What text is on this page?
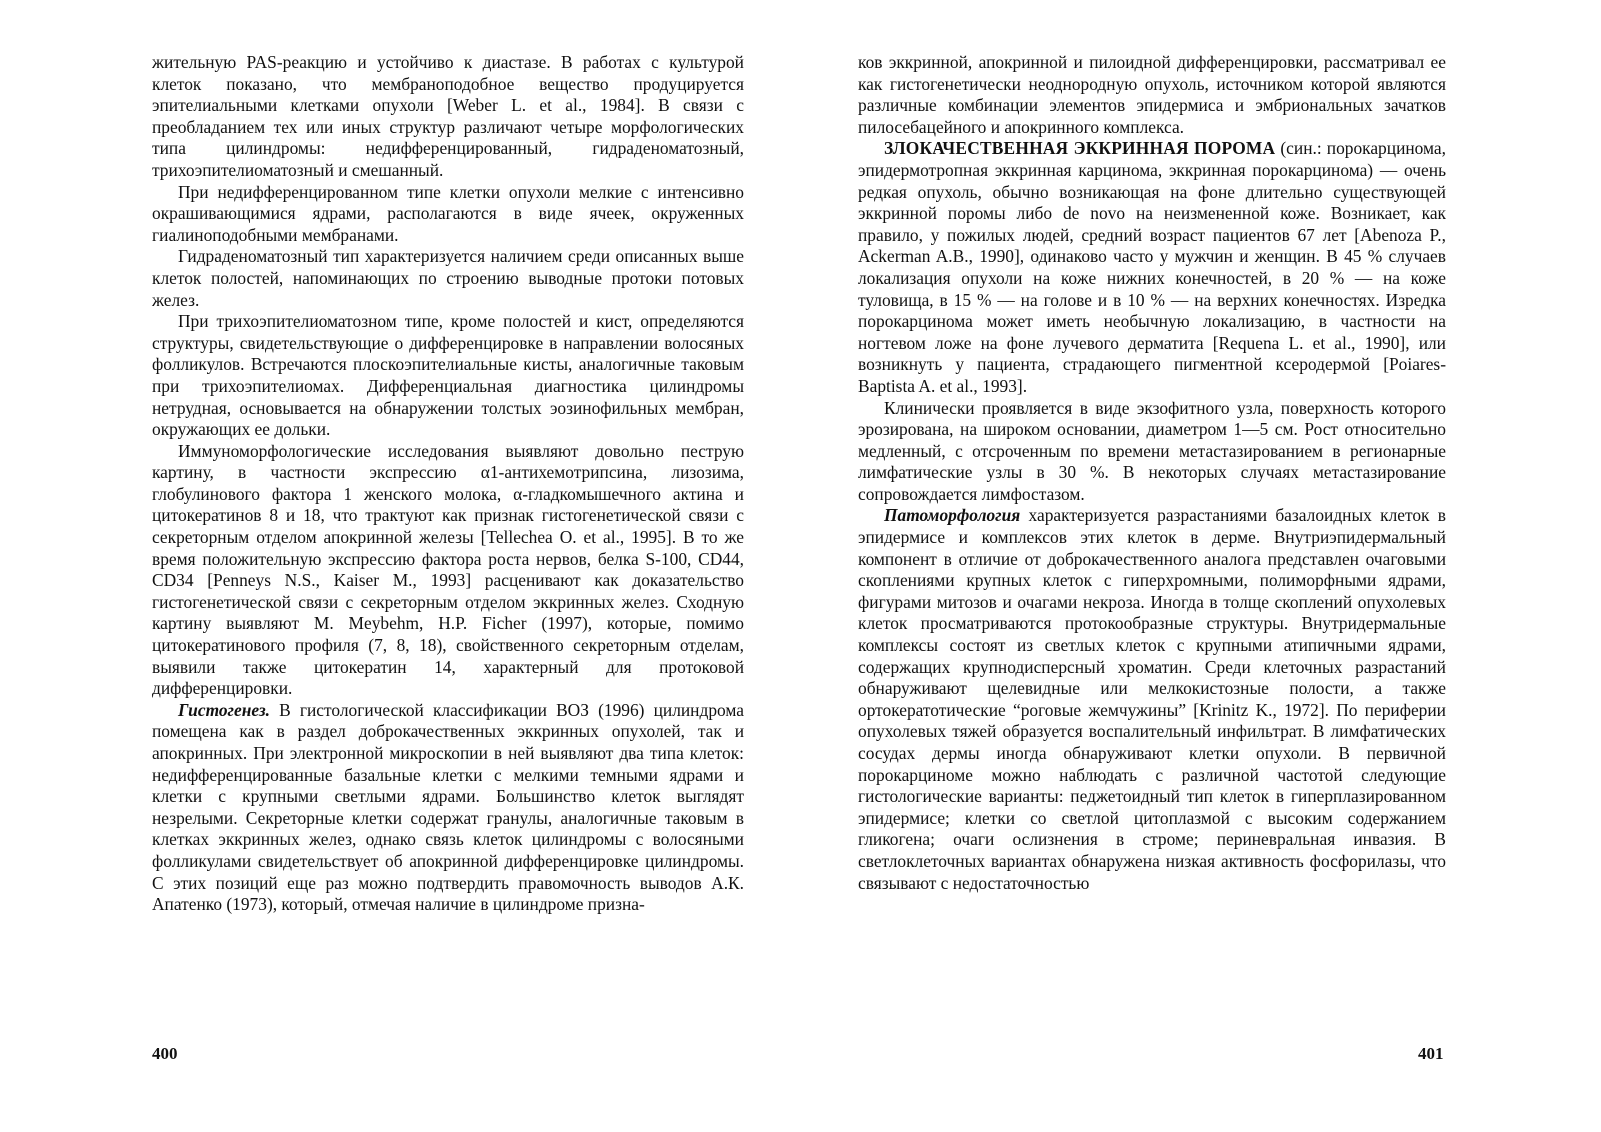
жительную PAS-реакцию и устойчиво к диастазе. В работах с культурой клеток показано, что мембраноподобное вещество продуцируется эпителиальными клетками опухоли [Weber L. et al., 1984]. В связи с преобладанием тех или иных структур различают четыре морфологических типа цилиндромы: недифференцированный, гидраденоматозный, трихоэпителиоматозный и смешанный.

При недифференцированном типе клетки опухоли мелкие с интенсивно окрашивающимися ядрами, располагаются в виде ячеек, окруженных гиалиноподобными мембранами.

Гидраденоматозный тип характеризуется наличием среди описанных выше клеток полостей, напоминающих по строению выводные протоки потовых желез.

При трихоэпителиоматозном типе, кроме полостей и кист, определяются структуры, свидетельствующие о дифференцировке в направлении волосяных фолликулов. Встречаются плоскоэпителиальные кисты, аналогичные таковым при трихоэпителиомах. Дифференциальная диагностика цилиндромы нетрудная, основывается на обнаружении толстых эозинофильных мембран, окружающих ее дольки.

Иммуноморфологические исследования выявляют довольно пеструю картину, в частности экспрессию α1-антихемотрипсина, лизозима, глобулинового фактора 1 женского молока, α-гладкомышечного актина и цитокератинов 8 и 18, что трактуют как признак гистогенетической связи с секреторным отделом апокринной железы [Tellechea O. et al., 1995]. В то же время положительную экспрессию фактора роста нервов, белка S-100, CD44, CD34 [Penneys N.S., Kaiser M., 1993] расценивают как доказательство гистогенетической связи с секреторным отделом эккринных желез. Сходную картину выявляют M. Meybehm, H.P. Ficher (1997), которые, помимо цитокератинового профиля (7, 8, 18), свойственного секреторным отделам, выявили также цитокератин 14, характерный для протоковой дифференцировки.

Гистогенез. В гистологической классификации ВОЗ (1996) цилиндрома помещена как в раздел доброкачественных эккринных опухолей, так и апокринных. При электронной микроскопии в ней выявляют два типа клеток: недифференцированные базальные клетки с мелкими темными ядрами и клетки с крупными светлыми ядрами. Большинство клеток выглядят незрелыми. Секреторные клетки содержат гранулы, аналогичные таковым в клетках эккринных желез, однако связь клеток цилиндромы с волосяными фолликулами свидетельствует об апокринной дифференцировке цилиндромы. С этих позиций еще раз можно подтвердить правомочность выводов А.К. Апатенко (1973), который, отмечая наличие в цилиндроме призна-

400

ков эккринной, апокринной и пилоидной дифференцировки, рассматривал ее как гистогенетически неоднородную опухоль, источником которой являются различные комбинации элементов эпидермиса и эмбриональных зачатков пилосебацейного и апокринного комплекса.

ЗЛОКАЧЕСТВЕННАЯ ЭККРИННАЯ ПОРОМА (син.: порокарцинома, эпидермотропная эккринная карцинома, эккринная порокарцинома) — очень редкая опухоль, обычно возникающая на фоне длительно существующей эккринной поромы либо de novo на неизмененной коже. Возникает, как правило, у пожилых людей, средний возраст пациентов 67 лет [Abenoza P., Ackerman A.B., 1990], одинаково часто у мужчин и женщин. В 45 % случаев локализация опухоли на коже нижних конечностей, в 20 % — на коже туловища, в 15 % — на голове и в 10 % — на верхних конечностях. Изредка порокарцинома может иметь необычную локализацию, в частности на ногтевом ложе на фоне лучевого дерматита [Requena L. et al., 1990], или возникнуть у пациента, страдающего пигментной ксеродермой [Poiares-Baptista A. et al., 1993].

Клинически проявляется в виде экзофитного узла, поверхность которого эрозирована, на широком основании, диаметром 1—5 см. Рост относительно медленный, с отсроченным по времени метастазированием в регионарные лимфатические узлы в 30 %. В некоторых случаях метастазирование сопровождается лимфостазом.

Патоморфология характеризуется разрастаниями базалоидных клеток в эпидермисе и комплексов этих клеток в дерме. Внутриэпидермальный компонент в отличие от доброкачественного аналога представлен очаговыми скоплениями крупных клеток с гиперхромными, полиморфными ядрами, фигурами митозов и очагами некроза. Иногда в толще скоплений опухолевых клеток просматриваются протокообразные структуры. Внутридермальные комплексы состоят из светлых клеток с крупными атипичными ядрами, содержащих крупнодисперсный хроматин. Среди клеточных разрастаний обнаруживают щелевидные или мелкокистозные полости, а также ортокератотические “роговые жемчужины” [Krinitz K., 1972]. По периферии опухолевых тяжей образуется воспалительный инфильтрат. В лимфатических сосудах дермы иногда обнаруживают клетки опухоли. В первичной порокарциноме можно наблюдать с различной частотой следующие гистологические варианты: педжетоидный тип клеток в гиперплазированном эпидермисе; клетки со светлой цитоплазмой с высоким содержанием гликогена; очаги ослизнения в строме; периневральная инвазия. В светлоклеточных вариантах обнаружена низкая активность фосфорилазы, что связывают с недостаточностью

401
